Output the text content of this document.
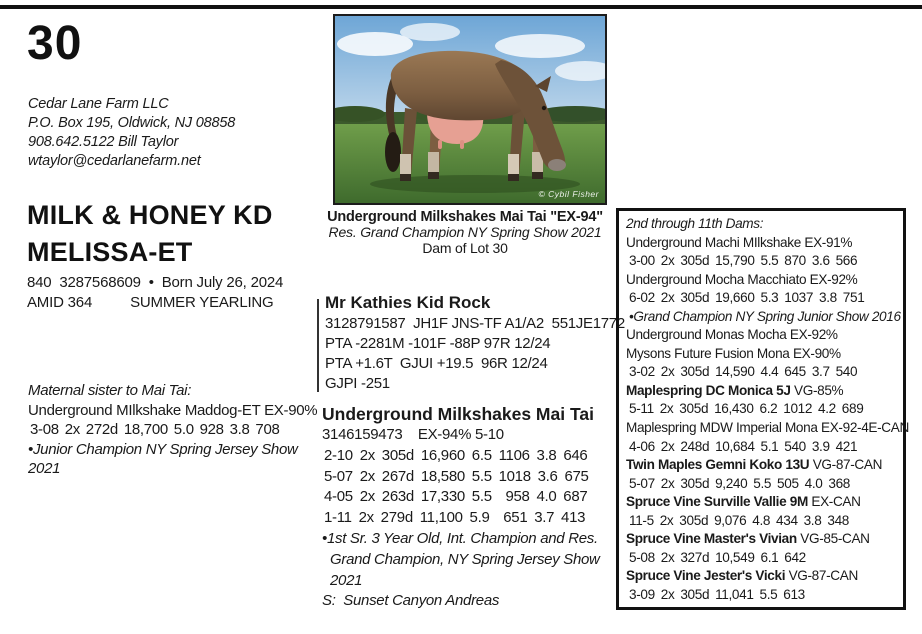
30
Cedar Lane Farm LLC
P.O. Box 195, Oldwick, NJ 08858
908.642.5122 Bill Taylor
wtaylor@cedarlanefarm.net
MILK & HONEY KD
MELISSA-ET
840  3287568609  •  Born July 26, 2024
AMID 364	SUMMER YEARLING
Maternal sister to Mai Tai:
Underground MIlkshake Maddog-ET EX-90%
3-08 2x 272d 18,700 5.0 928 3.8 708
•Junior Champion NY Spring Jersey Show 2021
© Cybil Fisher
Underground Milkshakes Mai Tai "EX-94"
Res. Grand Champion NY Spring Show 2021
Dam of Lot 30
Mr Kathies Kid Rock
3128791587  JH1F JNS-TF A1/A2  551JE1772
PTA -2281M -101F -88P 97R 12/24
PTA +1.6T  GJUI +19.5  96R 12/24
GJPI -251
Underground Milkshakes Mai Tai
3146159473    EX-94% 5-10
2-10 2x 305d 16,960 6.5 1106 3.8 646
5-07 2x 267d 18,580 5.5 1018 3.6 675
4-05 2x 263d 17,330 5.5  958 4.0 687
1-11 2x 279d 11,100 5.9  651 3.7 413
•1st Sr. 3 Year Old, Int. Champion and Res.
Grand Champion, NY Spring Jersey Show 2021
S:  Sunset Canyon Andreas
2nd through 11th Dams:
Underground Machi MIlkshake EX-91%
3-00 2x 305d 15,790 5.5 870 3.6 566
Underground Mocha Macchiato EX-92%
6-02 2x 305d 19,660 5.3 1037 3.8 751
•Grand Champion NY Spring Junior Show 2016
Underground Monas Mocha EX-92%
Mysons Future Fusion Mona EX-90%
3-02 2x 305d 14,590 4.4 645 3.7 540
Maplespring DC Monica 5J VG-85%
5-11 2x 305d 16,430 6.2 1012 4.2 689
Maplespring MDW Imperial Mona EX-92-4E-CAN
4-06 2x 248d 10,684 5.1 540 3.9 421
Twin Maples Gemni Koko 13U VG-87-CAN
5-07 2x 305d 9,240 5.5 505 4.0 368
Spruce Vine Surville Vallie 9M EX-CAN
11-5 2x 305d 9,076 4.8 434 3.8 348
Spruce Vine Master's Vivian VG-85-CAN
5-08 2x 327d 10,549 6.1 642
Spruce Vine Jester's Vicki VG-87-CAN
3-09 2x 305d 11,041 5.5 613
